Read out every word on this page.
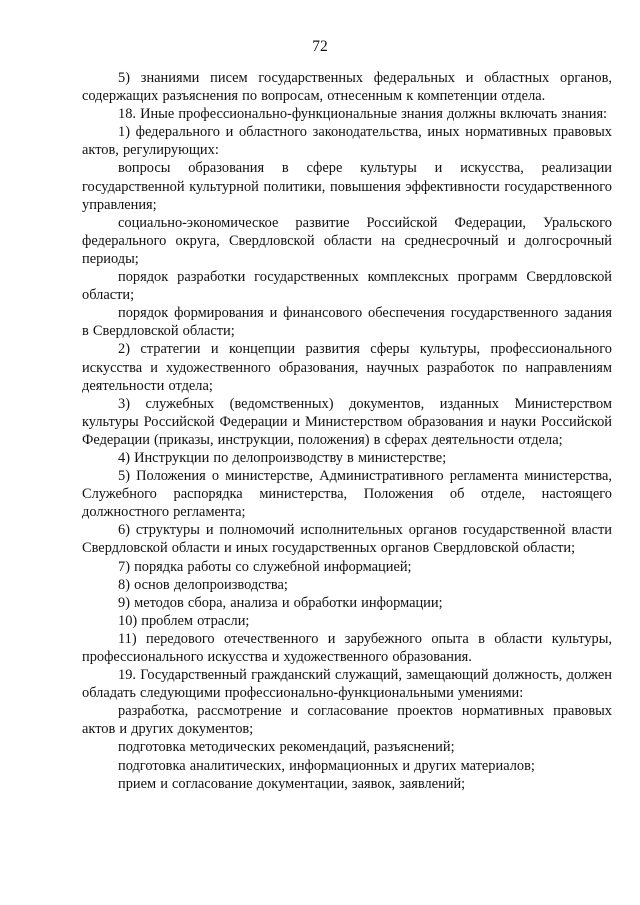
72

5) знаниями писем государственных федеральных и областных органов, содержащих разъяснения по вопросам, отнесенным к компетенции отдела.

18. Иные профессионально-функциональные знания должны включать знания:

1) федерального и областного законодательства, иных нормативных правовых актов, регулирующих:

вопросы образования в сфере культуры и искусства, реализации государственной культурной политики, повышения эффективности государственного управления;

социально-экономическое развитие Российской Федерации, Уральского федерального округа, Свердловской области на среднесрочный и долгосрочный периоды;

порядок разработки государственных комплексных программ Свердловской области;

порядок формирования и финансового обеспечения государственного задания в Свердловской области;

2) стратегии и концепции развития сферы культуры, профессионального искусства и художественного образования, научных разработок по направлениям деятельности отдела;

3) служебных (ведомственных) документов, изданных Министерством культуры Российской Федерации и Министерством образования и науки Российской Федерации (приказы, инструкции, положения) в сферах деятельности отдела;

4) Инструкции по делопроизводству в министерстве;

5) Положения о министерстве, Административного регламента министерства, Служебного распорядка министерства, Положения об отделе, настоящего должностного регламента;

6) структуры и полномочий исполнительных органов государственной власти Свердловской области и иных государственных органов Свердловской области;

7) порядка работы со служебной информацией;

8) основ делопроизводства;

9) методов сбора, анализа и обработки информации;

10) проблем отрасли;

11) передового отечественного и зарубежного опыта в области культуры, профессионального искусства и художественного образования.

19. Государственный гражданский служащий, замещающий должность, должен обладать следующими профессионально-функциональными умениями:

разработка, рассмотрение и согласование проектов нормативных правовых актов и других документов;

подготовка методических рекомендаций, разъяснений;

подготовка аналитических, информационных и других материалов;

прием и согласование документации, заявок, заявлений;
